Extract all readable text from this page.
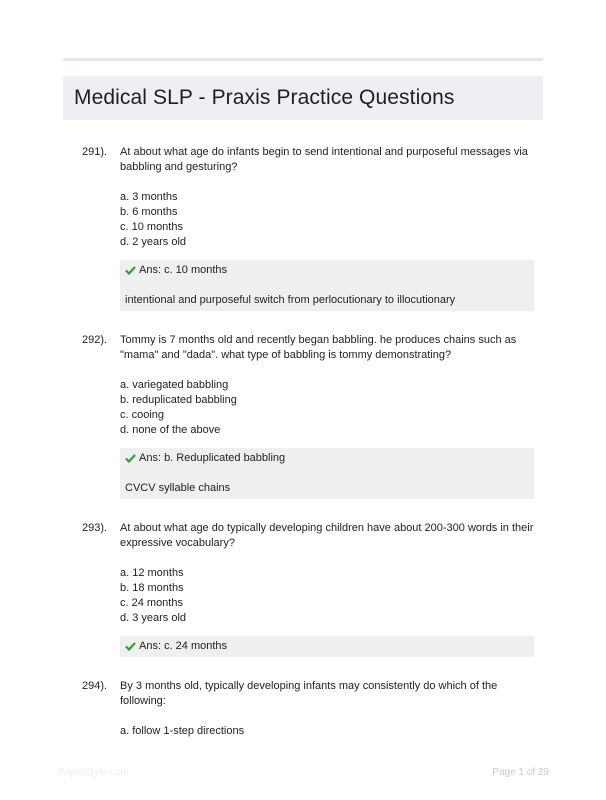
Medical SLP - Praxis Practice Questions
291). At about what age do infants begin to send intentional and purposeful messages via babbling and gesturing?
a. 3 months
b. 6 months
c. 10 months
d. 2 years old
Ans: c. 10 months
intentional and purposeful switch from perlocutionary to illocutionary
292). Tommy is 7 months old and recently began babbling. he produces chains such as "mama" and "dada". what type of babbling is tommy demonstrating?
a. variegated babbling
b. reduplicated babbling
c. cooing
d. none of the above
Ans: b. Reduplicated babbling
CVCV syllable chains
293). At about what age do typically developing children have about 200-300 words in their expressive vocabulary?
a. 12 months
b. 18 months
c. 24 months
d. 3 years old
Ans: c. 24 months
294). By 3 months old, typically developing infants may consistently do which of the following:
a. follow 1-step directions
PaperStyle.com	Page 1 of 29
